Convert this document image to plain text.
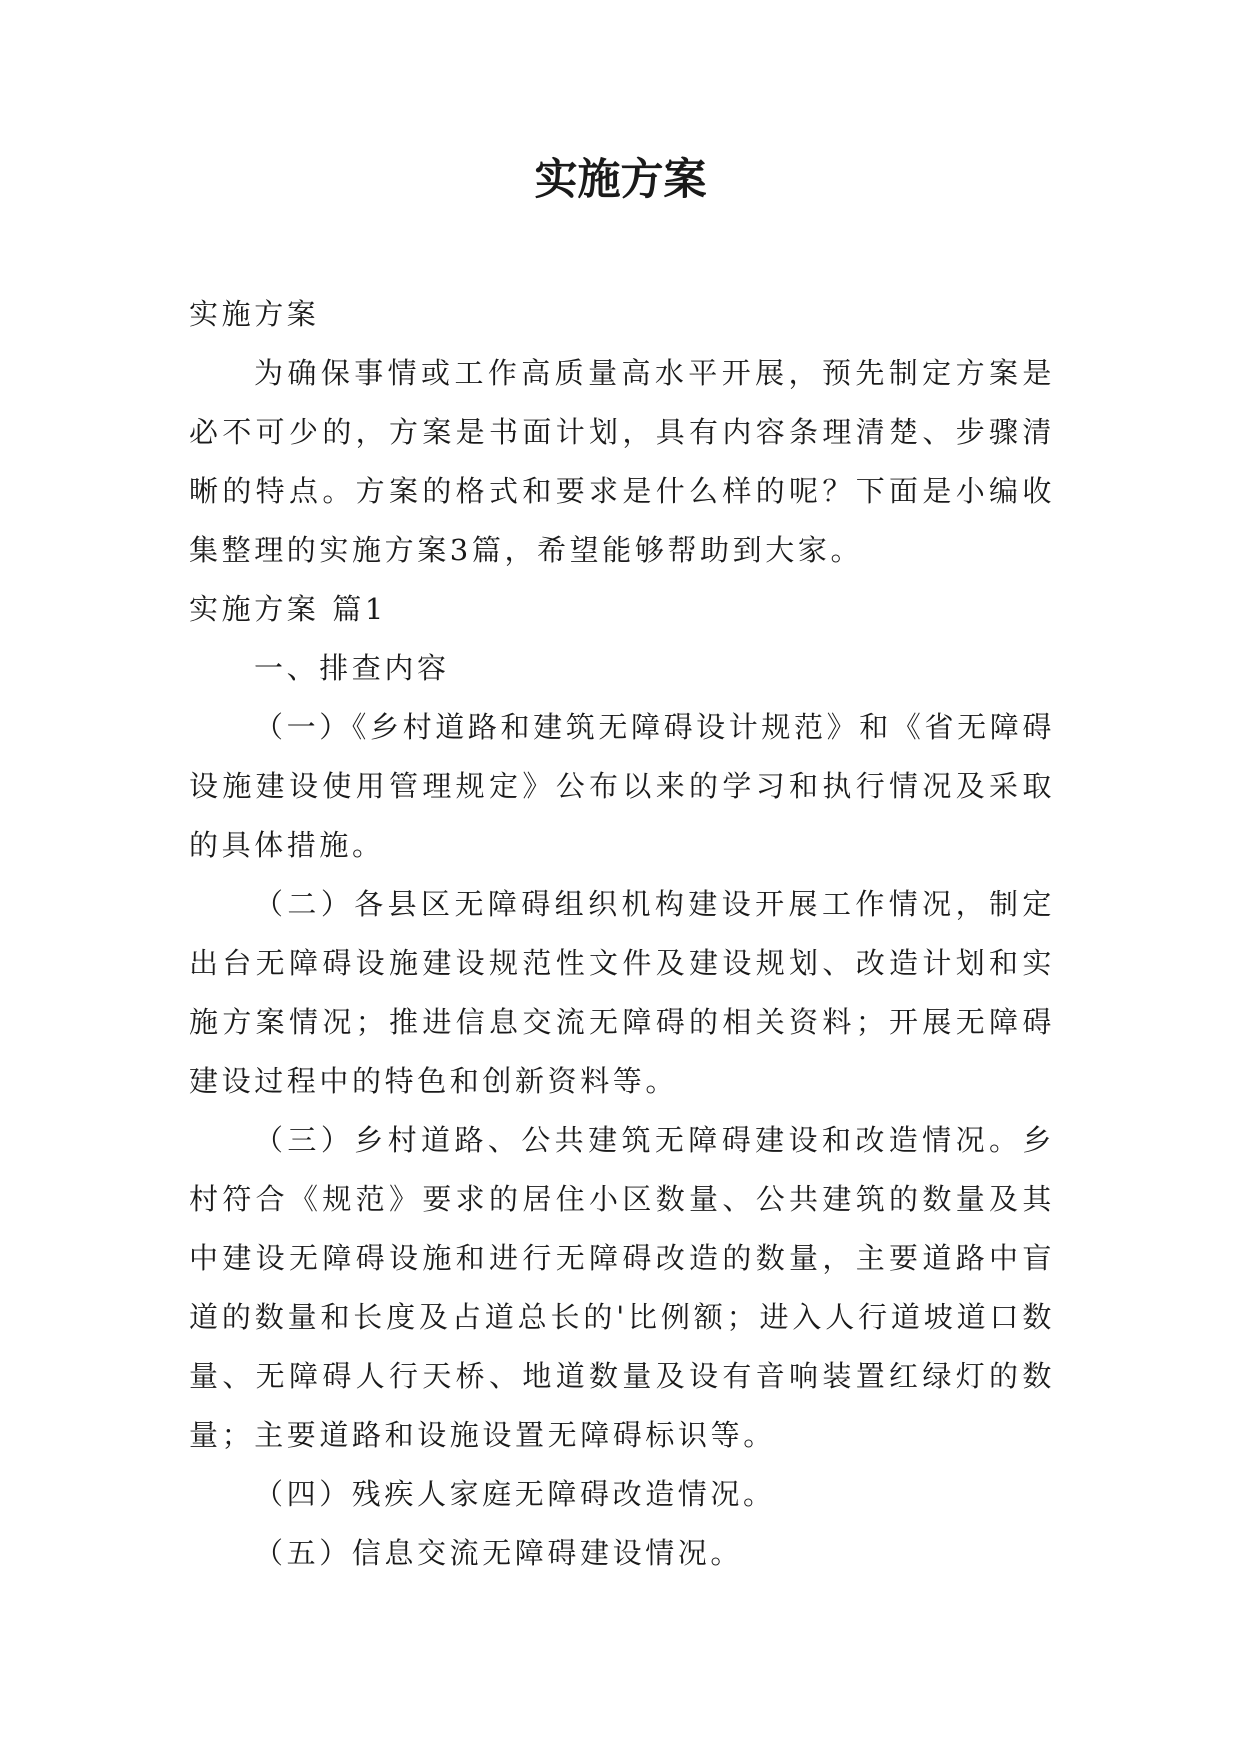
实施方案

实施方案

为确保事情或工作高质量高水平开展，预先制定方案是必不可少的，方案是书面计划，具有内容条理清楚、步骤清晰的特点。方案的格式和要求是什么样的呢？下面是小编收集整理的实施方案3篇，希望能够帮助到大家。

实施方案 篇1

一、排查内容

（一）《乡村道路和建筑无障碍设计规范》和《省无障碍设施建设使用管理规定》公布以来的学习和执行情况及采取的具体措施。

（二）各县区无障碍组织机构建设开展工作情况，制定出台无障碍设施建设规范性文件及建设规划、改造计划和实施方案情况；推进信息交流无障碍的相关资料；开展无障碍建设过程中的特色和创新资料等。

（三）乡村道路、公共建筑无障碍建设和改造情况。乡村符合《规范》要求的居住小区数量、公共建筑的数量及其中建设无障碍设施和进行无障碍改造的数量，主要道路中盲道的数量和长度及占道总长的'比例额；进入人行道坡道口数量、无障碍人行天桥、地道数量及设有音响装置红绿灯的数量；主要道路和设施设置无障碍标识等。

（四）残疾人家庭无障碍改造情况。

（五）信息交流无障碍建设情况。
